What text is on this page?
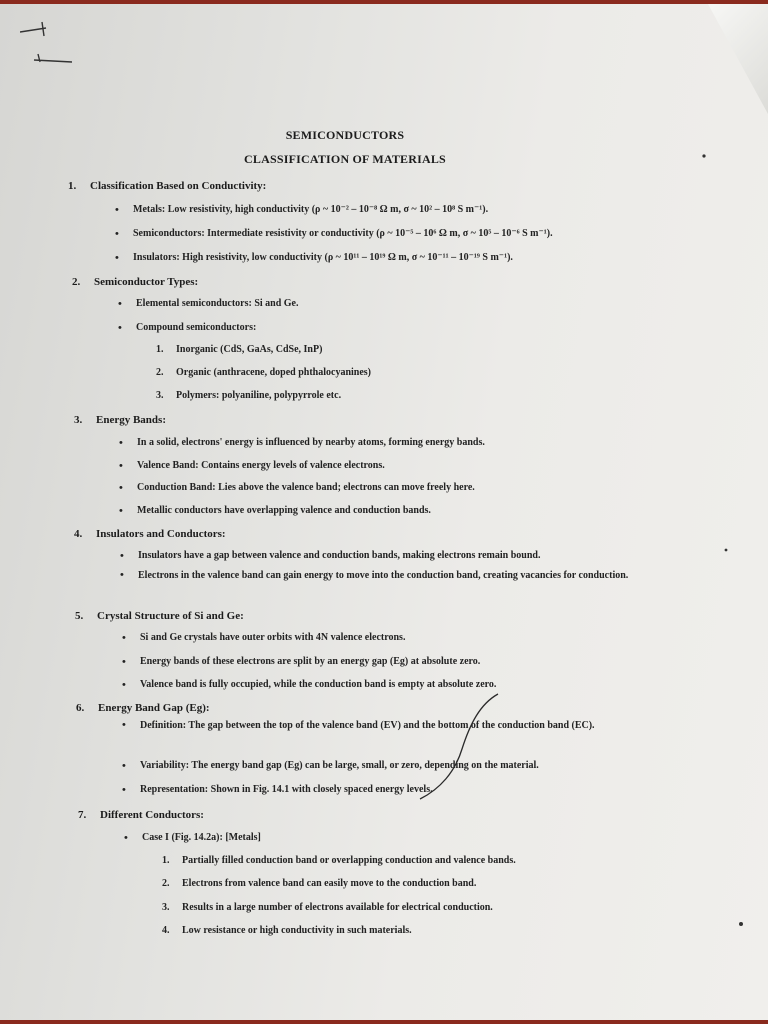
SEMICONDUCTORS
CLASSIFICATION OF MATERIALS
1. Classification Based on Conductivity:
• Metals: Low resistivity, high conductivity (ρ ~ 10⁻² – 10⁻⁸ Ω m, σ ~ 10² – 10⁸ S m⁻¹).
• Semiconductors: Intermediate resistivity or conductivity (ρ ~ 10⁻⁵ – 10⁶ Ω m, σ ~ 10⁵ – 10⁻⁶ S m⁻¹).
• Insulators: High resistivity, low conductivity (ρ ~ 10¹¹ – 10¹⁹ Ω m, σ ~ 10⁻¹¹ – 10⁻¹⁹ S m⁻¹).
2. Semiconductor Types:
• Elemental semiconductors: Si and Ge.
• Compound semiconductors:
1. Inorganic (CdS, GaAs, CdSe, InP)
2. Organic (anthracene, doped phthalocyanines)
3. Polymers: polyaniline, polypyrrole etc.
3. Energy Bands:
• In a solid, electrons' energy is influenced by nearby atoms, forming energy bands.
• Valence Band: Contains energy levels of valence electrons.
• Conduction Band: Lies above the valence band; electrons can move freely here.
• Metallic conductors have overlapping valence and conduction bands.
4. Insulators and Conductors:
• Insulators have a gap between valence and conduction bands, making electrons remain bound.
• Electrons in the valence band can gain energy to move into the conduction band, creating vacancies for conduction.
5. Crystal Structure of Si and Ge:
• Si and Ge crystals have outer orbits with 4N valence electrons.
• Energy bands of these electrons are split by an energy gap (Eg) at absolute zero.
• Valence band is fully occupied, while the conduction band is empty at absolute zero.
6. Energy Band Gap (Eg):
• Definition: The gap between the top of the valence band (EV) and the bottom of the conduction band (EC).
• Variability: The energy band gap (Eg) can be large, small, or zero, depending on the material.
• Representation: Shown in Fig. 14.1 with closely spaced energy levels.
7. Different Conductors:
• Case I (Fig. 14.2a): [Metals]
1. Partially filled conduction band or overlapping conduction and valence bands.
2. Electrons from valence band can easily move to the conduction band.
3. Results in a large number of electrons available for electrical conduction.
4. Low resistance or high conductivity in such materials.
